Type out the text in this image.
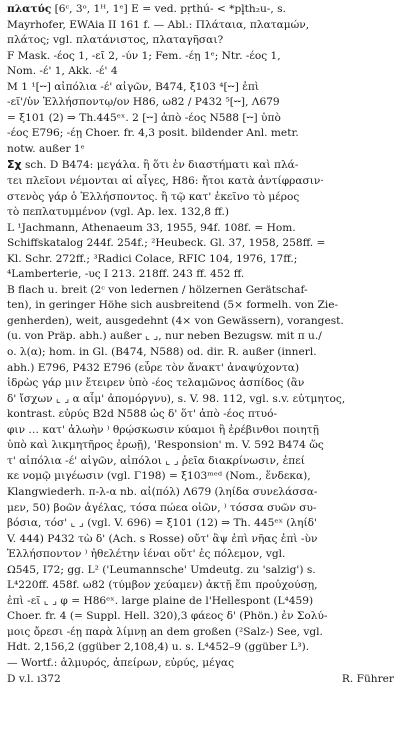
πλατύς [6ᶜ, 3ᵒ, 1ᴴ, 1ᵉ] E = ved. pṛthú- < *pl̥th₂u-, s.
Mayrhofer, EWAia II 161 f. — Abl.: Πλάταια, πλαταμών,
πλάτος; vgl. πλατάνιστος, πλαταγῆσαι?
F Mask. -έος 1, -εῖ 2, -ύν 1; Fem. -έῃ 1ᵉ; Ntr. -έος 1,
Nom. -έ' 1, Akk. -έ' 4
M 1 ¹[⏑⏑] αἰπόλια -έ' αἰγῶν, B474, ξ103 ⁴[⏑⏑] ἐπὶ
-εῖ'/ὑν Ἑλλήσποντῳ/ον H86, ω82 / P432 ⁵[⏑⏑], Λ679
= ξ101 (2) ⇒ Th.445ᵉˣ. 2 [⏑⏑] ἀπὸ -έος N588 [⏑⏑] ὑπὸ
-έος E796; -έῃ Choer. fr. 4,3 posit. bildender Anl. metr.
notw. außer 1ᵉ
Σχ sch. D B474: μεγάλα. ἢ ὅτι ἐν διαστήματι καὶ πλά-
τει πλεῖονι νέμονται αἱ αἶγες, H86: ἤτοι κατὰ ἀντίφρασιν·
στενὸς γάρ ὁ Ἑλλήσποντος. ἢ τῷ κατ' ἐκεῖνο τὸ μέρος
τὸ πεπλατυμμένον (vgl. Ap. lex. 132,8 ff.)
L ¹Jachmann, Athenaeum 33, 1955, 94f. 108f. = Hom.
Schiffskatalog 244f. 254f.; ²Heubeck. Gl. 37, 1958, 258ff. =
Kl. Schr. 272ff.; ³Radici Colace, RFIC 104, 1976, 17ff.;
⁴Lamberterie, -υς I 213. 218ff. 243 ff. 452 ff.
B flach u. breit (2ᶜ von ledernen / hölzernen Gerätschaf-
ten), in geringer Höhe sich ausbreitend (5× formelh. von Zie-
genherden), weit, ausgedehnt (4× von Gewässern), vorangest.
(u. von Präp. abh.) außer ⌞ ⌟, nur neben Bezugsw. mit π u./
o. λ(α); hom. in Gl. (B474, N588) od. dir. R. außer (innerl.
abh.) E796, P432 E796 (εὖρε τὸν ἄνακτ' ἀναψύχοντα)
ἱδρὼς γάρ μιν ἔτειρεν ὑπὸ -έος τελαμῶνος ἀσπίδος (ἂν
δ' ἴσχων ⌞ ⌟ α αἷμ' ἀπομόργνυ), s. V. 98. 112, vgl. s.v. εὐτμητος,
kontrast. εὐρύς B2d N588 ὡς δ' ὅτ' ἀπὸ -έος πτυό-
φιν … κατ' ἀλωὴν ⁾ θρῴσκωσιν κύαμοι ἢ ἐρέβινθοι ποιητῇ
ὑπὸ καὶ λικμητῆρος ἐρωῇ), 'Responsion' m. V. 592 B474 ὥς
τ' αἰπόλια -έ' αἰγῶν, αἰπόλοι ⌞ ⌟ ῥεῖα διακρίνωσιν, ἐπεί
κε νομῷ μιγέωσιν (vgl. Γ198) = ξ103ᵐᵉᵈ (Nom., ἕνδεκα),
Klangwiederh. π-λ-α nb. αἰ(πόλ) Λ679 (ληίδα συνελάσσα-
μεν, 50) βοῶν ἀγέλας, τόσα πώεα οἰῶν, ⁾ τόσσα συῶν συ-
βόσια, τόσ' ⌞ ⌟ (vgl. V. 696) = ξ101 (12) ⇒ Th. 445ᵉˣ (ληίδ'
V. 444) P432 τὼ δ' (Ach. s Rosse) οὔτ' ἂψ ἐπὶ νῆας ἐπὶ -ὺν
Ἑλλήσποντον ⁾ ἠθελέτην ἰέναι οὔτ' ἐς πόλεμον, vgl.
Ω545, I72; gg. L² ('Leumannsche' Umdeutg. zu 'salzig') s.
L⁴220ff. 458f. ω82 (τύμβον χεύαμεν) ἀκτῇ ἔπι προὐχούσῃ,
ἐπὶ -εῖ ⌞ ⌟ φ = H86ᵉˣ. large plaine de l'Hellespont (L⁴459)
Choer. fr. 4 (= Suppl. Hell. 320),3 φάεος δ' (Phön.) ἐν Σολύ-
μοις ὄρεσι -έῃ παρὰ λίμνῃ an dem großen (²Salz-) See, vgl.
Hdt. 2,156,2 (ggüber 2,108,4) u. s. L⁴452–9 (ggüber L³).
— Wortf.: ἁλμυρός, ἀπείρων, εὐρύς, μέγας
D v.l. ı372	R. Führer
